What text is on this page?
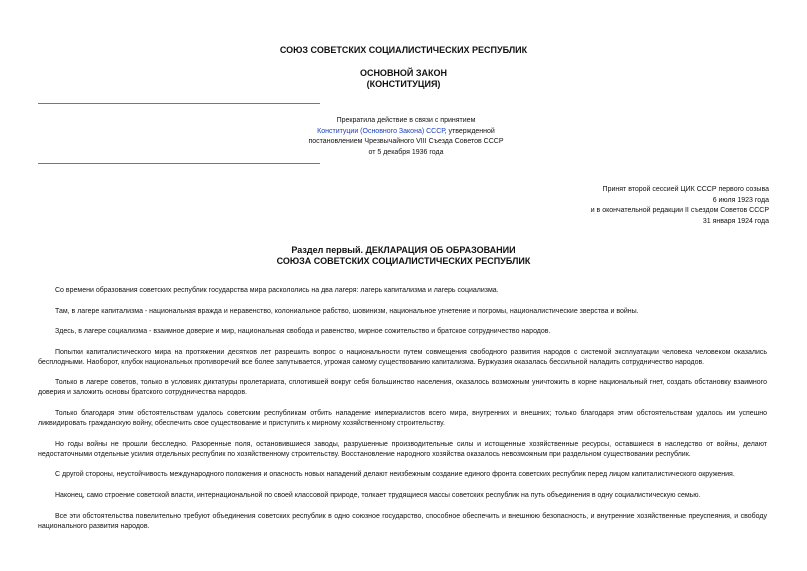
СОЮЗ СОВЕТСКИХ СОЦИАЛИСТИЧЕСКИХ РЕСПУБЛИК
ОСНОВНОЙ ЗАКОН
(КОНСТИТУЦИЯ)
Прекратила действие в связи с принятием
Конституции (Основного Закона) СССР, утвержденной
постановлением Чрезвычайного VIII Съезда Советов СССР
от 5 декабря 1936 года
Принят второй сессией ЦИК СССР первого созыва
6 июля 1923 года
и в окончательной редакции II съездом Советов СССР
31 января 1924 года
Раздел первый. ДЕКЛАРАЦИЯ ОБ ОБРАЗОВАНИИ
СОЮЗА СОВЕТСКИХ СОЦИАЛИСТИЧЕСКИХ РЕСПУБЛИК
Со времени образования советских республик государства мира раскололись на два лагеря: лагерь капитализма и лагерь социализма.
Там, в лагере капитализма - национальная вражда и неравенство, колониальное рабство, шовинизм, национальное угнетение и погромы, националистические зверства и войны.
Здесь, в лагере социализма - взаимное доверие и мир, национальная свобода и равенство, мирное сожительство и братское сотрудничество народов.
Попытки капиталистического мира на протяжении десятков лет разрешить вопрос о национальности путем совмещения свободного развития народов с системой эксплуатации человека человеком оказались бесплодными. Наоборот, клубок национальных противоречий все более запутывается, угрожая самому существованию капитализма. Буржуазия оказалась бессильной наладить сотрудничество народов.
Только в лагере советов, только в условиях диктатуры пролетариата, сплотившей вокруг себя большинство населения, оказалось возможным уничтожить в корне национальный гнет, создать обстановку взаимного доверия и заложить основы братского сотрудничества народов.
Только благодаря этим обстоятельствам удалось советским республикам отбить нападение империалистов всего мира, внутренних и внешних; только благодаря этим обстоятельствам удалось им успешно ликвидировать гражданскую войну, обеспечить свое существование и приступить к мирному хозяйственному строительству.
Но годы войны не прошли бесследно. Разоренные поля, остановившиеся заводы, разрушенные производительные силы и истощенные хозяйственные ресурсы, оставшиеся в наследство от войны, делают недостаточными отдельные усилия отдельных республик по хозяйственному строительству. Восстановление народного хозяйства оказалось невозможным при раздельном существовании республик.
С другой стороны, неустойчивость международного положения и опасность новых нападений делают неизбежным создание единого фронта советских республик перед лицом капиталистического окружения.
Наконец, само строение советской власти, интернациональной по своей классовой природе, толкает трудящиеся массы советских республик на путь объединения в одну социалистическую семью.
Все эти обстоятельства повелительно требуют объединения советских республик в одно союзное государство, способное обеспечить и внешнюю безопасность, и внутренние хозяйственные преуспеяния, и свободу национального развития народов.
